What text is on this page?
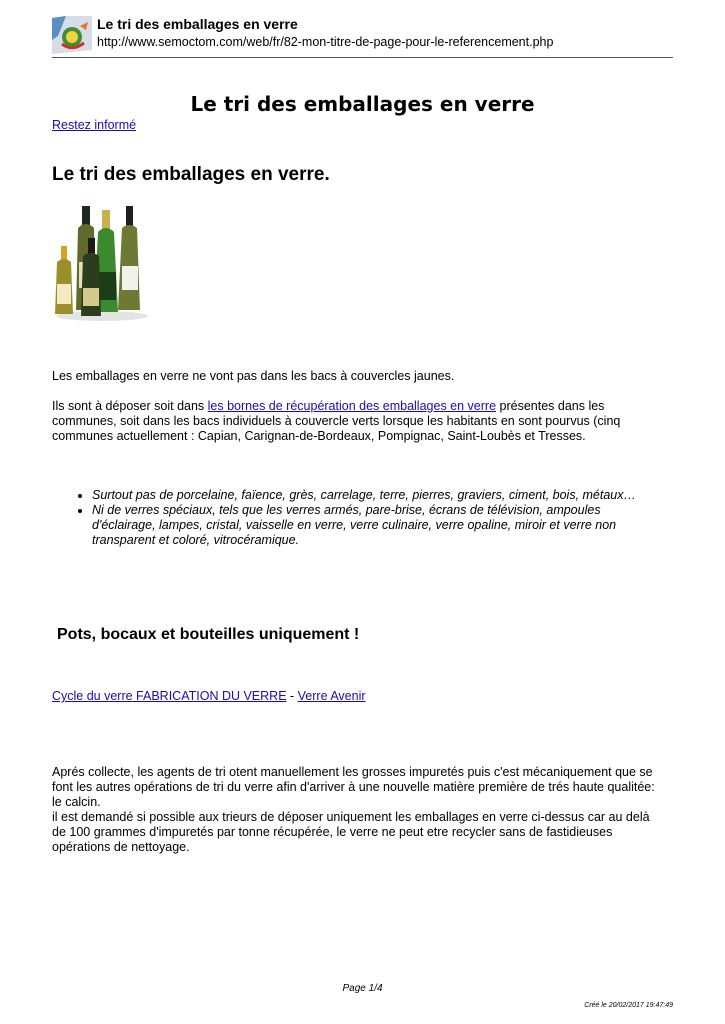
Le tri des emballages en verre
http://www.semoctom.com/web/fr/82-mon-titre-de-page-pour-le-referencement.php
Le tri des emballages en verre
Restez informé
Le tri des emballages en verre.
Les emballages en verre ne vont pas dans les bacs à couvercles jaunes.
Ils sont à déposer soit dans les bornes de récupération des emballages en verre présentes dans les communes, soit dans les bacs individuels à couvercle verts lorsque les habitants en sont pourvus (cinq communes actuellement : Capian, Carignan-de-Bordeaux, Pompignac, Saint-Loubès et Tresses.
• Surtout pas de porcelaine, faïence, grès, carrelage, terre, pierres, graviers, ciment, bois, métaux…
• Ni de verres spéciaux, tels que les verres armés, pare-brise, écrans de télévision, ampoules d'éclairage, lampes, cristal, vaisselle en verre, verre culinaire, verre opaline, miroir et verre non transparent et coloré, vitrocéramique.
Pots, bocaux et bouteilles uniquement !
Cycle du verre FABRICATION DU VERRE - Verre Avenir
Aprés collecte, les agents de tri otent manuellement les grosses impuretés puis c'est mécaniquement que se font les autres opérations de tri du verre afin d'arriver à une nouvelle matière première de trés haute qualitée: le calcin.
il est demandé si possible aux trieurs de déposer uniquement les emballages en verre ci-dessus car au delà de 100 grammes d'impuretés par tonne récupérée, le verre ne peut etre recycler sans de fastidieuses opérations de nettoyage.
Page 1/4
Créé le 20/02/2017 19:47:49
